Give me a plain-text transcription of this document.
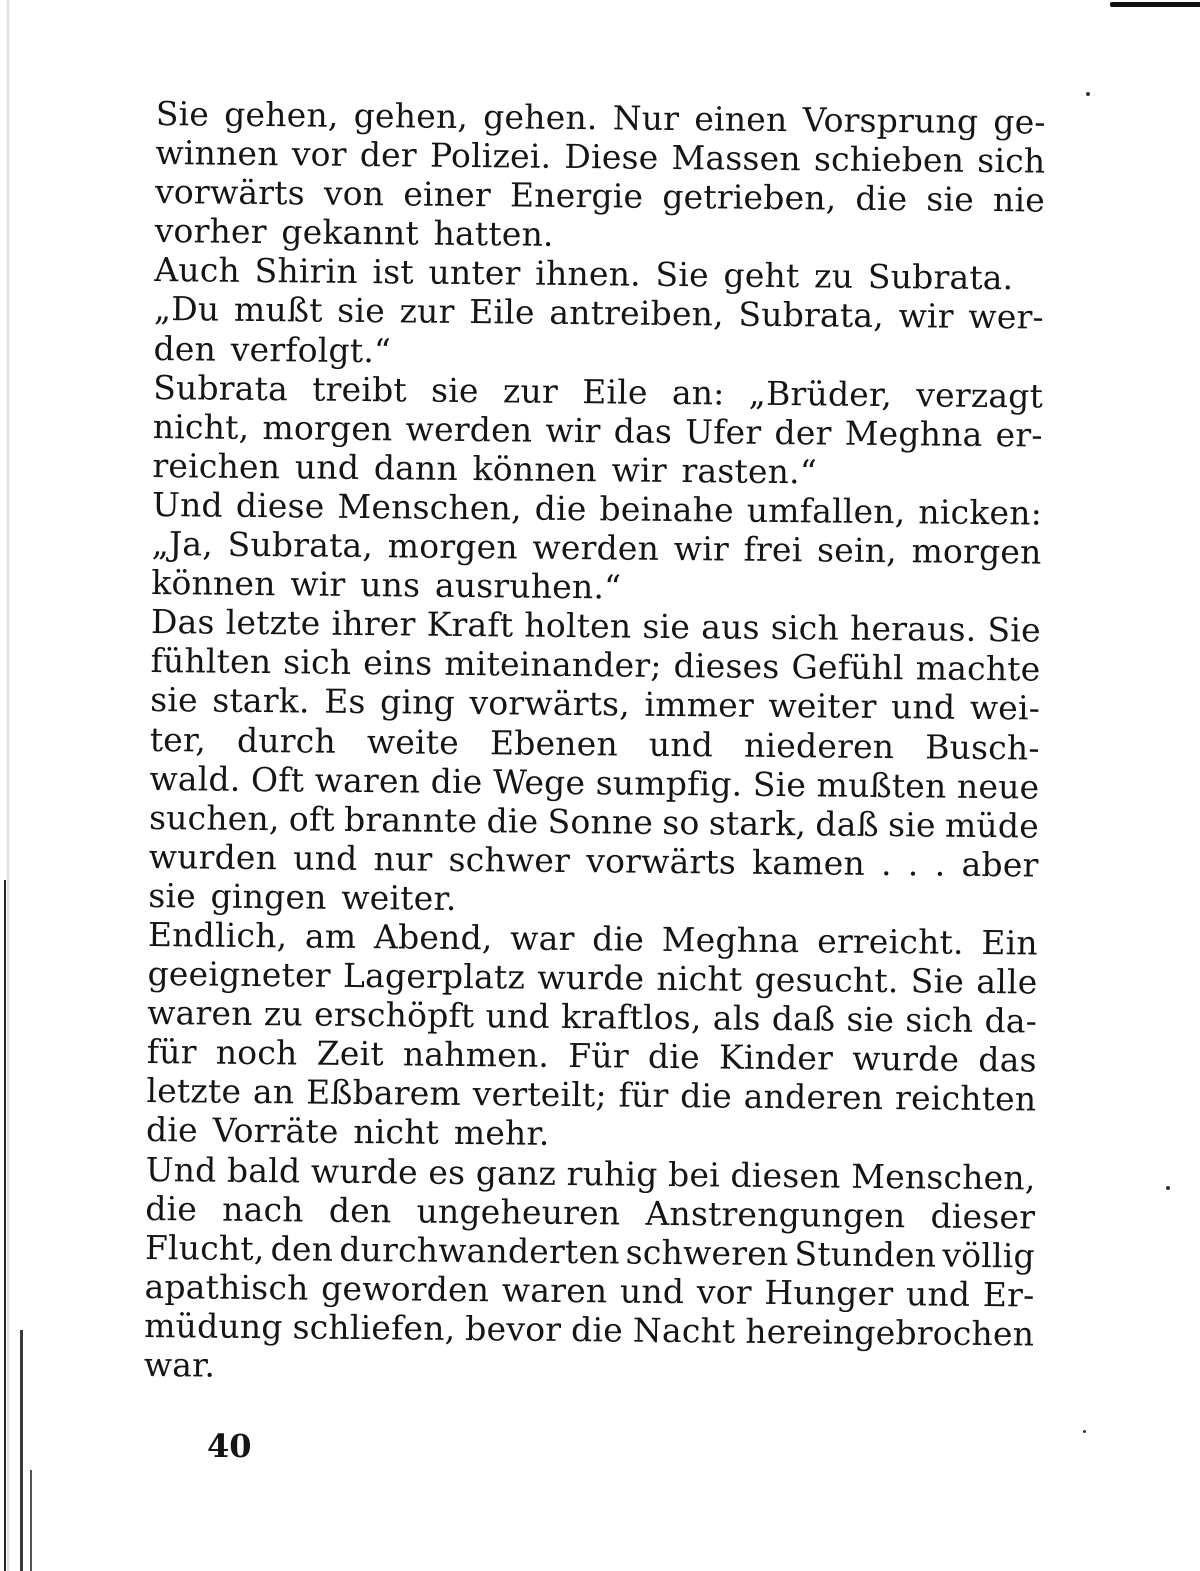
Sie gehen, gehen, gehen. Nur einen Vorsprung ge-
winnen vor der Polizei. Diese Massen schieben sich
vorwärts von einer Energie getrieben, die sie nie
vorher gekannt hatten.
Auch Shirin ist unter ihnen. Sie geht zu Subrata.
„Du mußt sie zur Eile antreiben, Subrata, wir wer-
den verfolgt.“
Subrata treibt sie zur Eile an: „Brüder, verzagt
nicht, morgen werden wir das Ufer der Meghna er-
reichen und dann können wir rasten.“
Und diese Menschen, die beinahe umfallen, nicken:
„Ja, Subrata, morgen werden wir frei sein, morgen
können wir uns ausruhen.“
Das letzte ihrer Kraft holten sie aus sich heraus. Sie
fühlten sich eins miteinander; dieses Gefühl machte
sie stark. Es ging vorwärts, immer weiter und wei-
ter, durch weite Ebenen und niederen Busch-
wald. Oft waren die Wege sumpfig. Sie mußten neue
suchen, oft brannte die Sonne so stark, daß sie müde
wurden und nur schwer vorwärts kamen . . . aber
sie gingen weiter.
Endlich, am Abend, war die Meghna erreicht. Ein
geeigneter Lagerplatz wurde nicht gesucht. Sie alle
waren zu erschöpft und kraftlos, als daß sie sich da-
für noch Zeit nahmen. Für die Kinder wurde das
letzte an Eßbarem verteilt; für die anderen reichten
die Vorräte nicht mehr.
Und bald wurde es ganz ruhig bei diesen Menschen,
die nach den ungeheuren Anstrengungen dieser
Flucht, den durchwanderten schweren Stunden völlig
apathisch geworden waren und vor Hunger und Er-
müdung schliefen, bevor die Nacht hereingebrochen
war.
40
